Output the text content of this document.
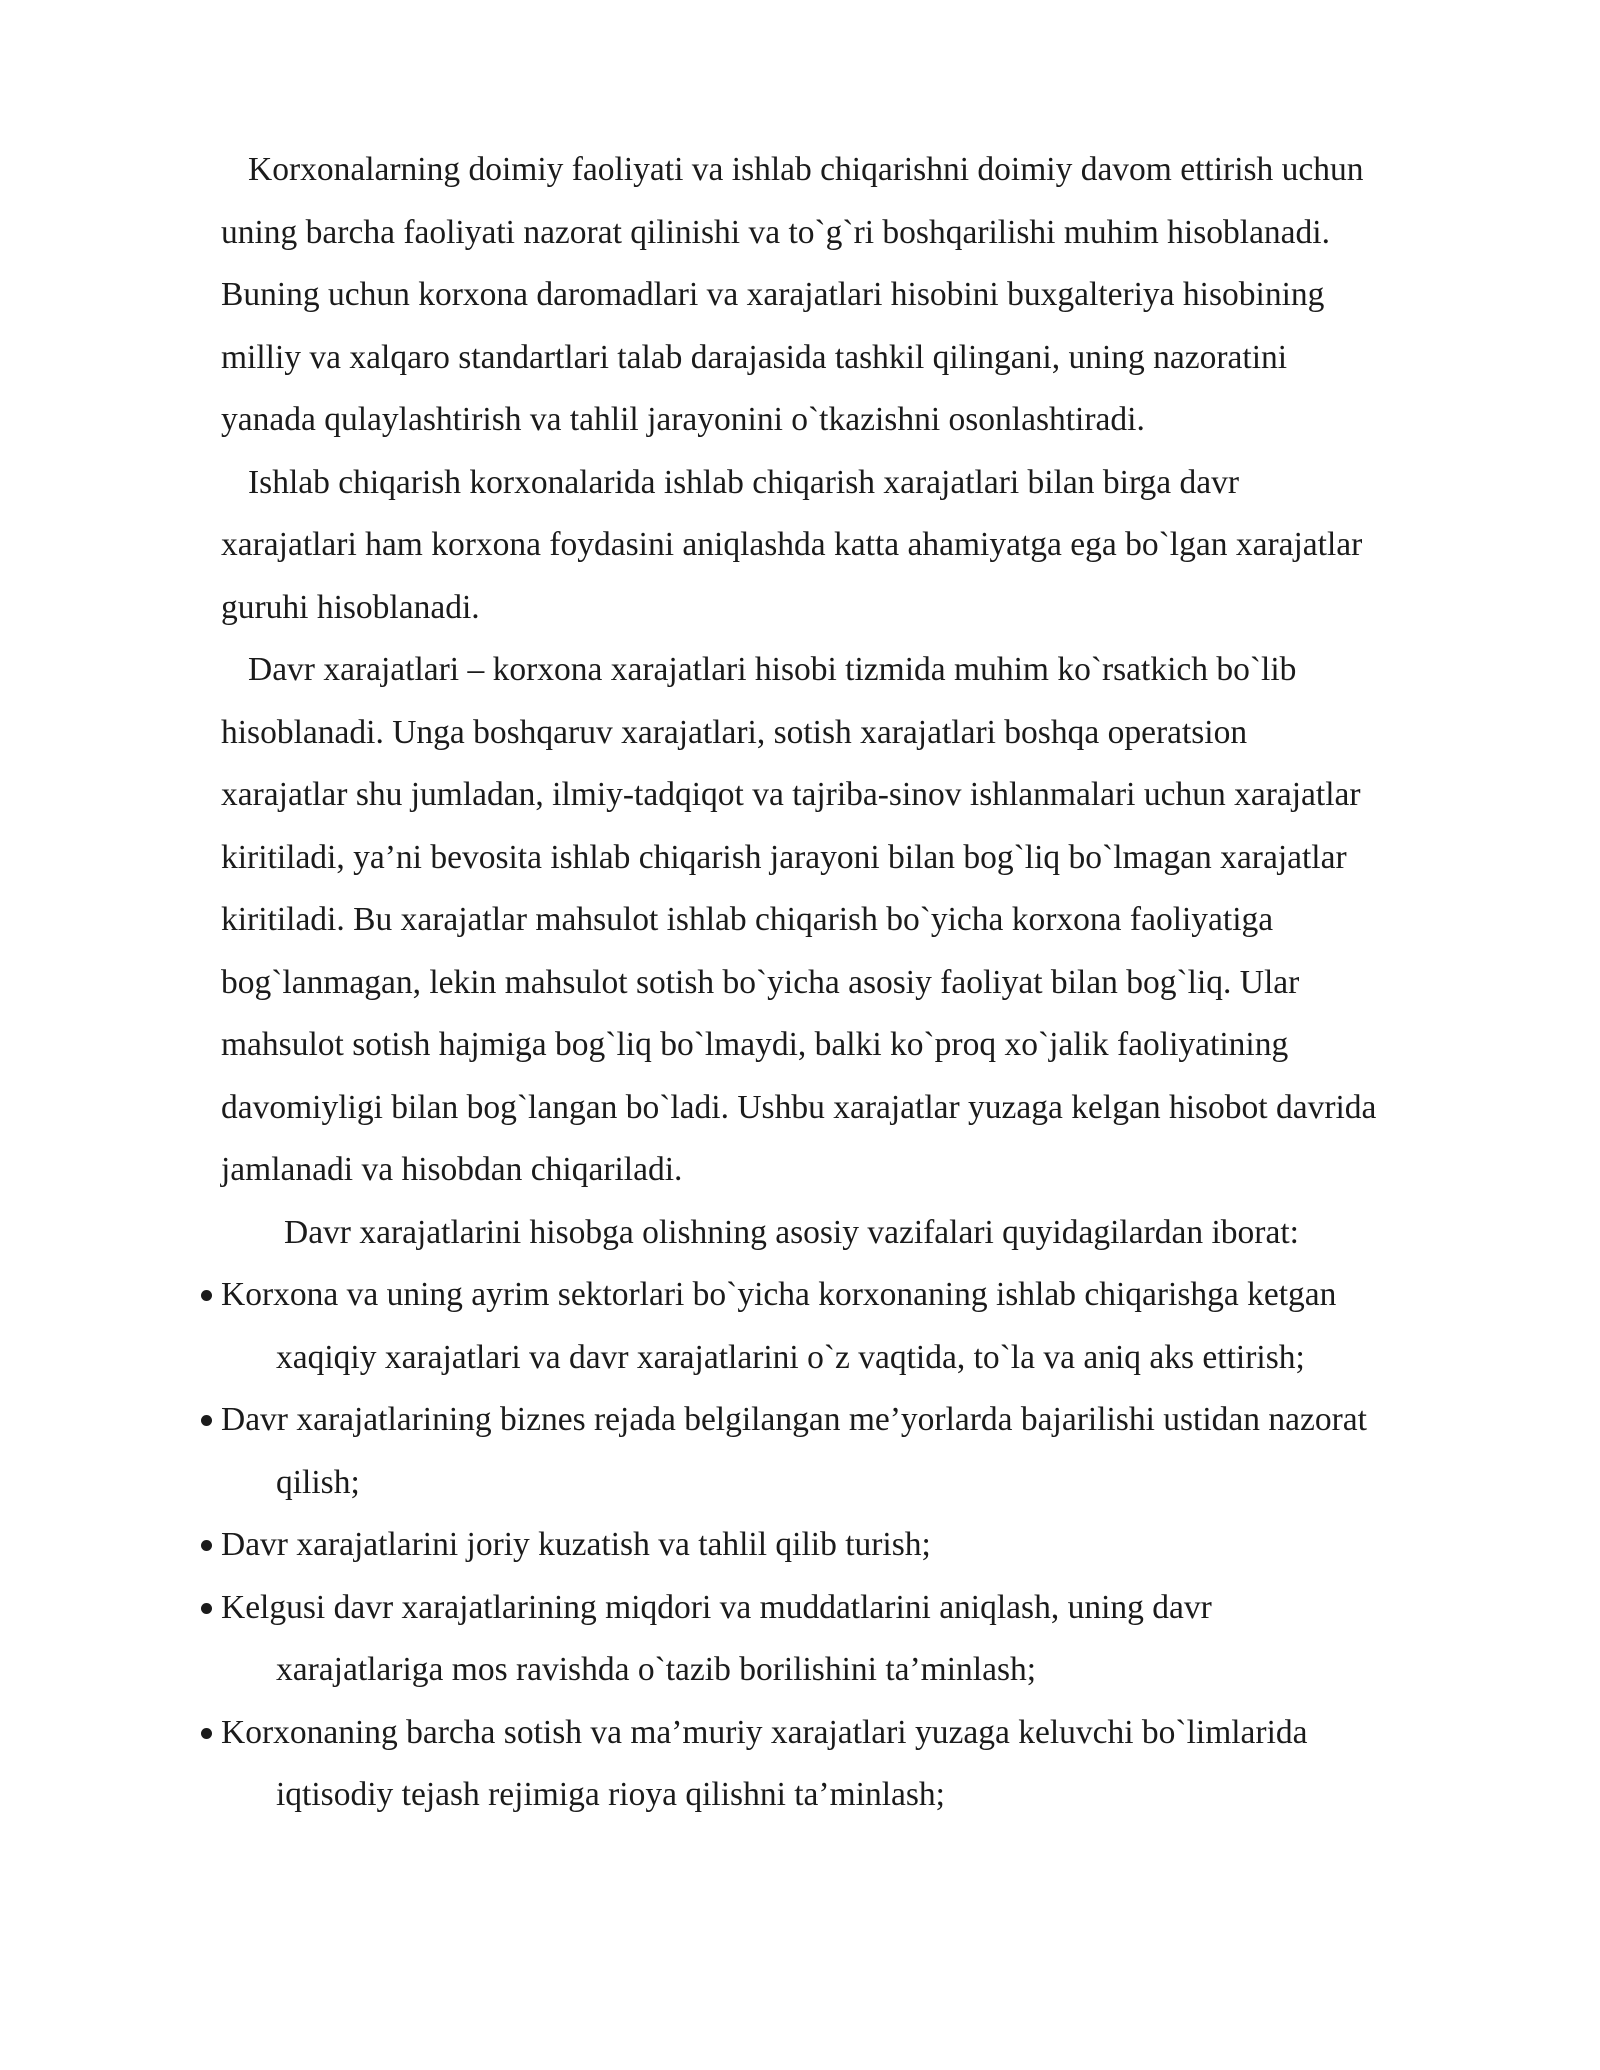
Korxonalarning doimiy faoliyati va ishlab chiqarishni doimiy davom ettirish uchun
uning barcha faoliyati nazorat qilinishi va to`g`ri boshqarilishi muhim hisoblanadi.
Buning uchun korxona daromadlari va xarajatlari hisobini buxgalteriya hisobining
milliy va xalqaro standartlari talab darajasida tashkil qilingani, uning nazoratini
yanada qulaylashtirish va tahlil jarayonini o`tkazishni osonlashtiradi.
Ishlab chiqarish korxonalarida ishlab chiqarish xarajatlari bilan birga davr
xarajatlari ham korxona foydasini aniqlashda katta ahamiyatga ega bo`lgan xarajatlar
guruhi hisoblanadi.
Davr xarajatlari – korxona xarajatlari hisobi tizmida muhim ko`rsatkich bo`lib
hisoblanadi. Unga boshqaruv xarajatlari, sotish xarajatlari boshqa operatsion
xarajatlar shu jumladan, ilmiy-tadqiqot va tajriba-sinov ishlanmalari uchun xarajatlar
kiritiladi, ya’ni bevosita ishlab chiqarish jarayoni bilan bog`liq bo`lmagan xarajatlar
kiritiladi. Bu xarajatlar mahsulot ishlab chiqarish bo`yicha korxona faoliyatiga
bog`lanmagan, lekin mahsulot sotish bo`yicha asosiy faoliyat bilan bog`liq. Ular
mahsulot sotish hajmiga bog`liq bo`lmaydi, balki ko`proq xo`jalik faoliyatining
davomiyligi bilan bog`langan bo`ladi. Ushbu xarajatlar yuzaga kelgan hisobot davrida
jamlanadi va hisobdan chiqariladi.
Davr xarajatlarini hisobga olishning asosiy vazifalari quyidagilardan iborat:
Korxona va uning ayrim sektorlari bo`yicha korxonaning ishlab chiqarishga ketgan
xaqiqiy xarajatlari va davr xarajatlarini o`z vaqtida, to`la va aniq aks ettirish;
Davr xarajatlarining biznes rejada belgilangan me’yorlarda bajarilishi ustidan nazorat
qilish;
Davr xarajatlarini joriy kuzatish va tahlil qilib turish;
Kelgusi davr xarajatlarining miqdori va muddatlarini aniqlash, uning davr
xarajatlariga mos ravishda o`tazib borilishini ta’minlash;
Korxonaning barcha sotish va ma’muriy xarajatlari yuzaga keluvchi bo`limlarida
iqtisodiy tejash rejimiga rioya qilishni ta’minlash;
